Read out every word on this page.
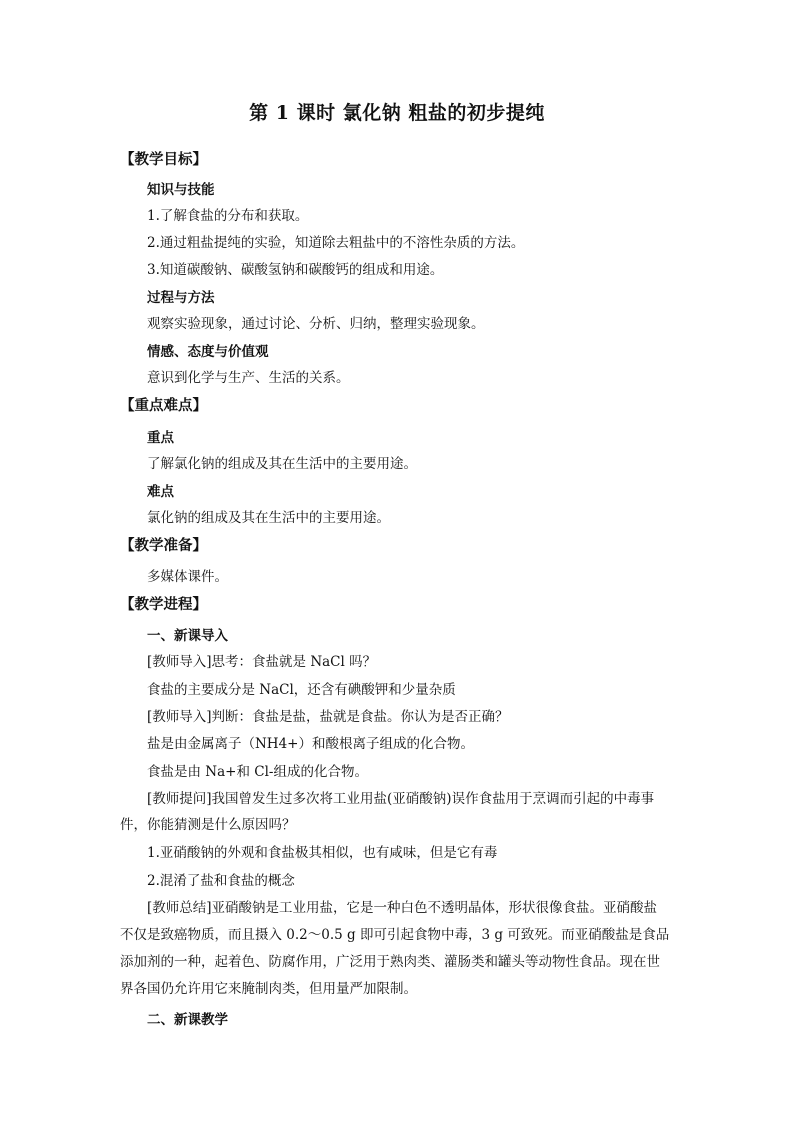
第 1 课时 氯化钠 粗盐的初步提纯
【教学目标】
知识与技能
1.了解食盐的分布和获取。
2.通过粗盐提纯的实验，知道除去粗盐中的不溶性杂质的方法。
3.知道碳酸钠、碳酸氢钠和碳酸钙的组成和用途。
过程与方法
观察实验现象，通过讨论、分析、归纳，整理实验现象。
情感、态度与价值观
意识到化学与生产、生活的关系。
【重点难点】
重点
了解氯化钠的组成及其在生活中的主要用途。
难点
氯化钠的组成及其在生活中的主要用途。
【教学准备】
多媒体课件。
【教学进程】
一、新课导入
[教师导入]思考：食盐就是 NaCl 吗？
食盐的主要成分是 NaCl，还含有碘酸钾和少量杂质
[教师导入]判断：食盐是盐，盐就是食盐。你认为是否正确？
盐是由金属离子（NH4+）和酸根离子组成的化合物。
食盐是由 Na+和 Cl-组成的化合物。
[教师提问]我国曾发生过多次将工业用盐(亚硝酸钠)误作食盐用于烹调而引起的中毒事
件，你能猜测是什么原因吗？
1.亚硝酸钠的外观和食盐极其相似，也有咸味，但是它有毒
2.混淆了盐和食盐的概念
[教师总结]亚硝酸钠是工业用盐，它是一种白色不透明晶体，形状很像食盐。亚硝酸盐
不仅是致癌物质，而且摄入 0.2～0.5 g 即可引起食物中毒，3 g 可致死。而亚硝酸盐是食品
添加剂的一种，起着色、防腐作用，广泛用于熟肉类、灌肠类和罐头等动物性食品。现在世
界各国仍允许用它来腌制肉类，但用量严加限制。
二、新课教学
